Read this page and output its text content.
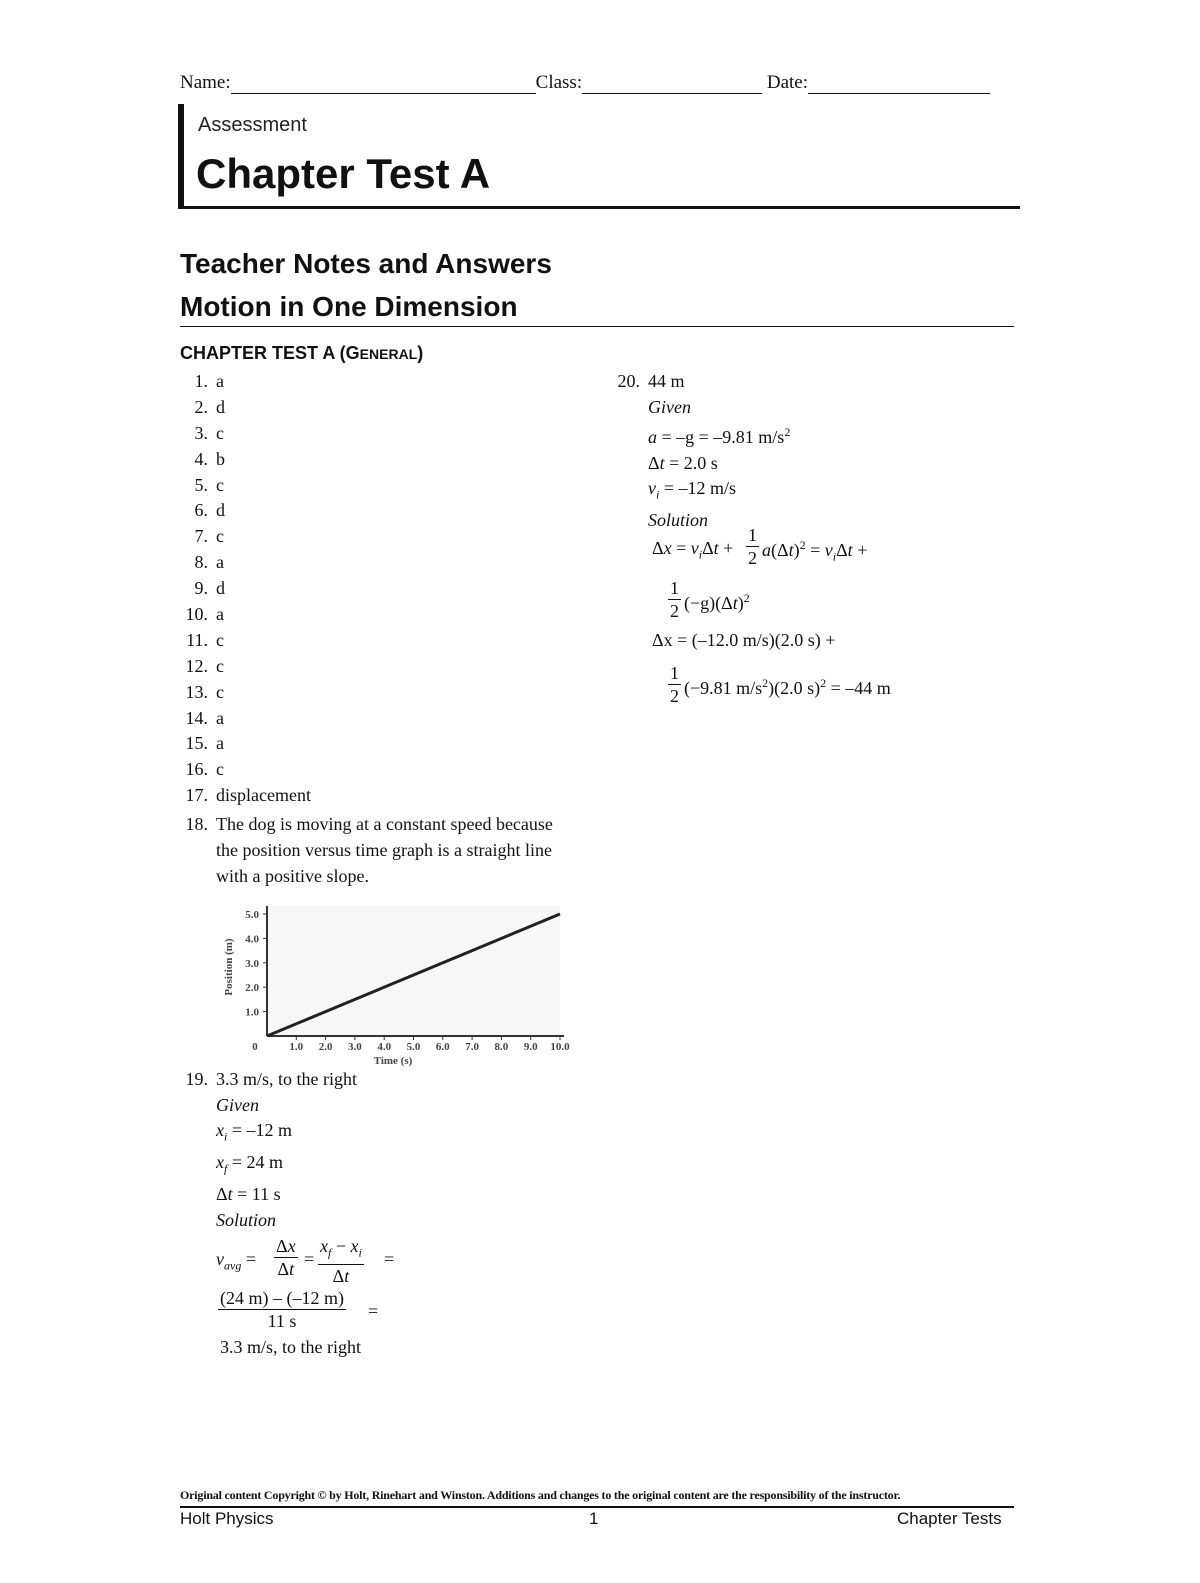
Name:	Class:	Date:
Assessment
Chapter Test A
Teacher Notes and Answers
Motion in One Dimension
CHAPTER TEST A (GENERAL)
1. a
2. d
3. c
4. b
5. c
6. d
7. c
8. a
9. d
10. a
11. c
12. c
13. c
14. a
15. a
16. c
17. displacement
18. The dog is moving at a constant speed because the position versus time graph is a straight line with a positive slope.
1.0
2.0
3.0
4.0
5.0
0	1.0 2.0 3.0 4.0 5.0 6.0 7.0 8.0 9.0 10.0
Time (s)
Position (m)
19. 3.3 m/s, to the right
Given
$x_i = -12$ m
$x_f = 24$ m
Δt = 11 s
Solution
$v_{avg} = \frac{\Delta x}{\Delta t} = \frac{x_f - x_i}{\Delta t}$ =
$\frac{(24 m) - (-12 m)}{11 s}$ =
3.3 m/s, to the right
20. 44 m
Given
a = –g = –9.81 $m/s^2$
Δt = 2.0 s
$v_i = -12$ m/s
Solution
$\Delta x = v_i\Delta t + \frac{1}{2} a(\Delta t)^2 = v_i\Delta t$ +
$\frac{1}{2} (-g)(\Delta t)^2$
Δx = (–12.0 m/s)(2.0 s) +
$\frac{1}{2} (-9.81$ $m/s^2)(2.0$ s)$^2$ = –44 m
Original content Copyright © by Holt, Rinehart and Winston. Additions and changes to the original content are the responsibility of the instructor.
Holt Physics	1	Chapter Tests
